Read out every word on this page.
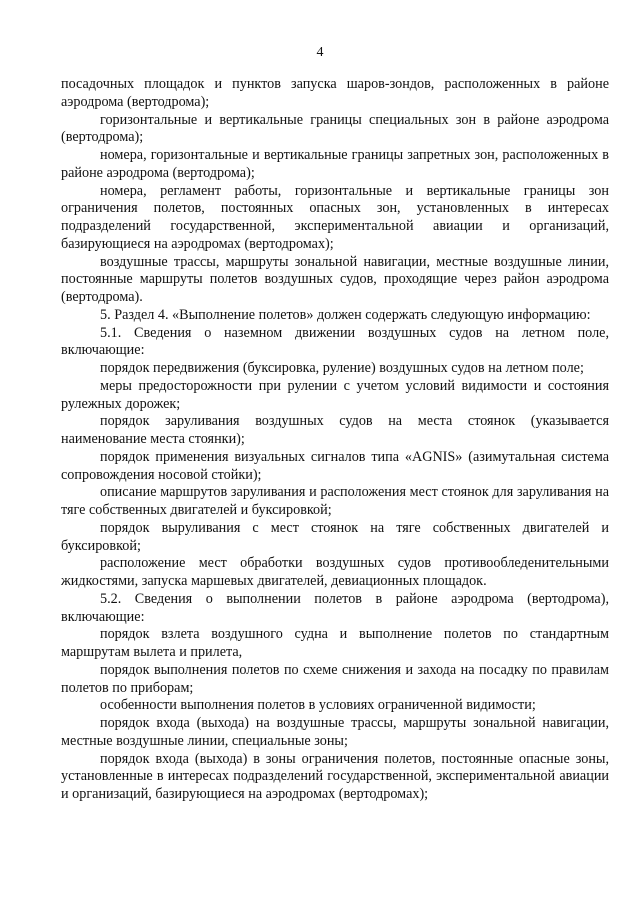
4

посадочных площадок и пунктов запуска шаров-зондов, расположенных в районе аэродрома (вертодрома);

горизонтальные и вертикальные границы специальных зон в районе аэродрома (вертодрома);

номера, горизонтальные и вертикальные границы запретных зон, расположенных в районе аэродрома (вертодрома);

номера, регламент работы, горизонтальные и вертикальные границы зон ограничения полетов, постоянных опасных зон, установленных в интересах подразделений государственной, экспериментальной авиации и организаций, базирующиеся на аэродромах (вертодромах);

воздушные трассы, маршруты зональной навигации, местные воздушные линии, постоянные маршруты полетов воздушных судов, проходящие через район аэродрома (вертодрома).

5. Раздел 4. «Выполнение полетов» должен содержать следующую информацию:

5.1. Сведения о наземном движении воздушных судов на летном поле, включающие:

порядок передвижения (буксировка, руление) воздушных судов на летном поле;

меры предосторожности при рулении с учетом условий видимости и состояния рулежных дорожек;

порядок заруливания воздушных судов на места стоянок (указывается наименование места стоянки);

порядок применения визуальных сигналов типа «AGNIS» (азимутальная система сопровождения носовой стойки);

описание маршрутов заруливания и расположения мест стоянок для заруливания на тяге собственных двигателей и буксировкой;

порядок выруливания с мест стоянок на тяге собственных двигателей и буксировкой;

расположение мест обработки воздушных судов противообледенительными жидкостями, запуска маршевых двигателей, девиационных площадок.

5.2. Сведения о выполнении полетов в районе аэродрома (вертодрома), включающие:

порядок взлета воздушного судна и выполнение полетов по стандартным маршрутам вылета и прилета,

порядок выполнения полетов по схеме снижения и захода на посадку по правилам полетов по приборам;

особенности выполнения полетов в условиях ограниченной видимости;

порядок входа (выхода) на воздушные трассы, маршруты зональной навигации, местные воздушные линии, специальные зоны;

порядок входа (выхода) в зоны ограничения полетов, постоянные опасные зоны, установленные в интересах подразделений государственной, экспериментальной авиации и организаций, базирующиеся на аэродромах (вертодромах);
